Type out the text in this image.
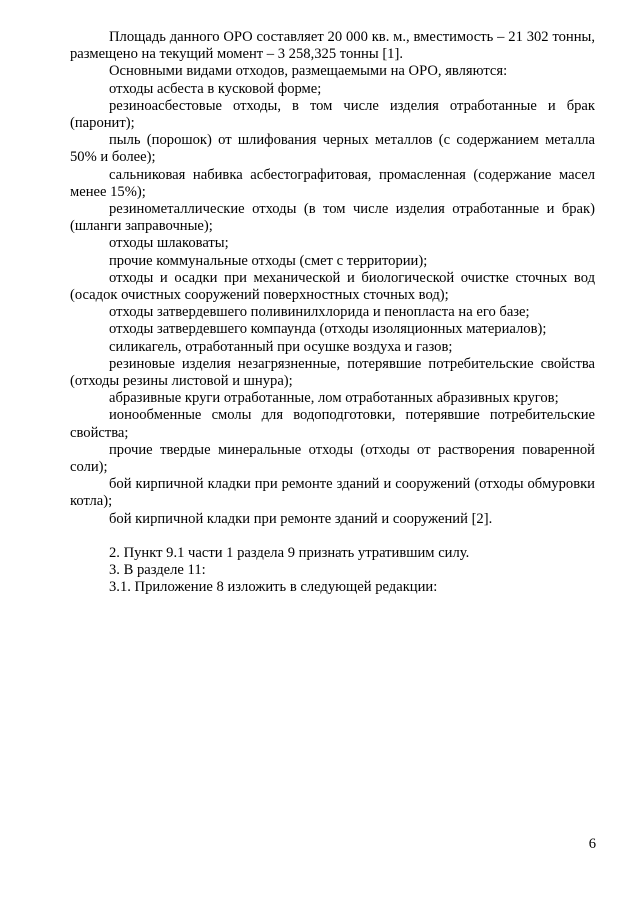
Площадь данного ОРО составляет 20 000 кв. м., вместимость – 21 302 тонны, размещено на текущий момент – 3 258,325 тонны [1].

Основными видами отходов, размещаемыми на ОРО, являются:

отходы асбеста в кусковой форме;

резиноасбестовые отходы, в том числе изделия отработанные и брак (паронит);

пыль (порошок) от шлифования черных металлов (с содержанием металла 50% и более);

сальниковая набивка асбестографитовая, промасленная (содержание масел менее 15%);

резинометаллические отходы (в том числе изделия отработанные и брак) (шланги заправочные);

отходы шлаковаты;

прочие коммунальные отходы (смет с территории);

отходы и осадки при механической и биологической очистке сточных вод (осадок очистных сооружений поверхностных сточных вод);

отходы затвердевшего поливинилхлорида и пенопласта на его базе;

отходы затвердевшего компаунда (отходы изоляционных материалов);

силикагель, отработанный при осушке воздуха и газов;

резиновые изделия незагрязненные, потерявшие потребительские свойства (отходы резины листовой и шнура);

абразивные круги отработанные, лом отработанных абразивных кругов;

ионообменные смолы для водоподготовки, потерявшие потребительские свойства;

прочие твердые минеральные отходы (отходы от растворения поваренной соли);

бой кирпичной кладки при ремонте зданий и сооружений (отходы обмуровки котла);

бой кирпичной кладки при ремонте зданий и сооружений [2].

2. Пункт 9.1 части 1 раздела 9 признать утратившим силу.

3. В разделе 11:

3.1. Приложение 8 изложить в следующей редакции:

6
